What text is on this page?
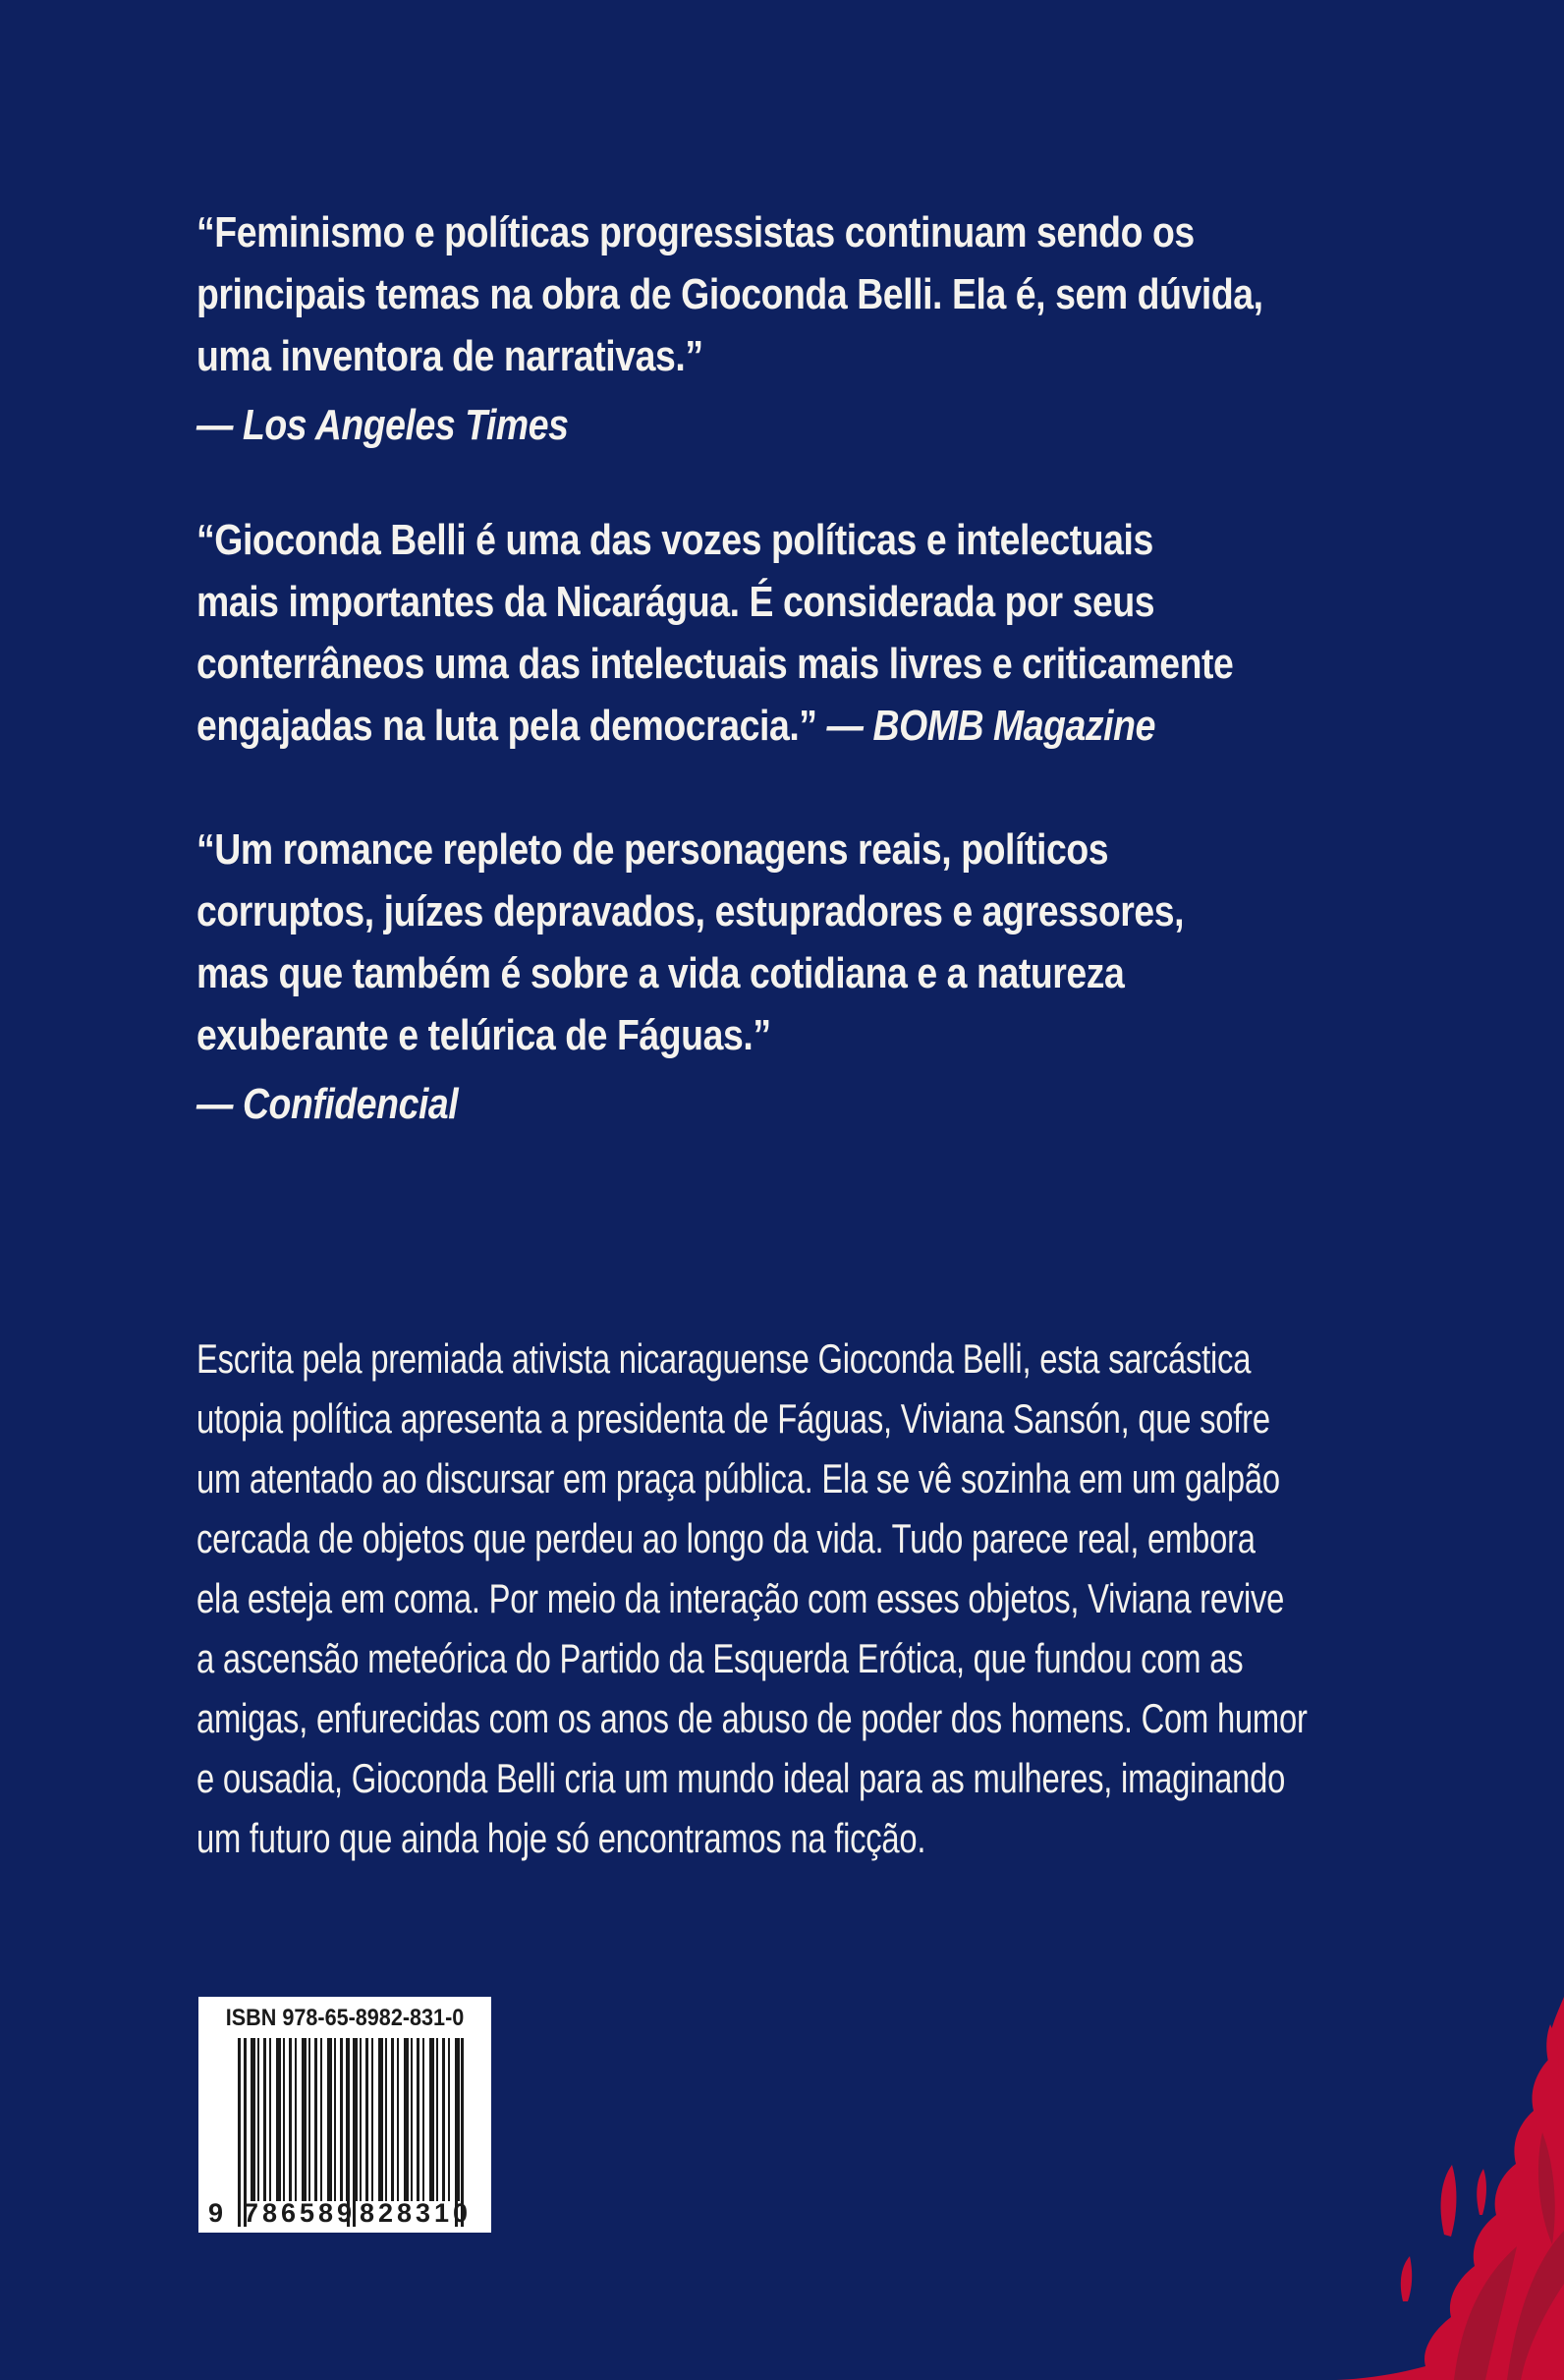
“Feminismo e políticas progressistas continuam sendo os
principais temas na obra de Gioconda Belli. Ela é, sem dúvida,
uma inventora de narrativas.”
— Los Angeles Times
“Gioconda Belli é uma das vozes políticas e intelectuais
mais importantes da Nicarágua. É considerada por seus
conterrâneos uma das intelectuais mais livres e criticamente
engajadas na luta pela democracia.” — BOMB Magazine
“Um romance repleto de personagens reais, políticos
corruptos, juízes depravados, estupradores e agressores,
mas que também é sobre a vida cotidiana e a natureza
exuberante e telúrica de Fáguas.”
— Confidencial
Escrita pela premiada ativista nicaraguense Gioconda Belli, esta sarcástica
utopia política apresenta a presidenta de Fáguas, Viviana Sansón, que sofre
um atentado ao discursar em praça pública. Ela se vê sozinha em um galpão
cercada de objetos que perdeu ao longo da vida. Tudo parece real, embora
ela esteja em coma. Por meio da interação com esses objetos, Viviana revive
a ascensão meteórica do Partido da Esquerda Erótica, que fundou com as
amigas, enfurecidas com os anos de abuso de poder dos homens. Com humor
e ousadia, Gioconda Belli cria um mundo ideal para as mulheres, imaginando
um futuro que ainda hoje só encontramos na ficção.
ISBN 978-65-8982-831-0
9 786589 828310
